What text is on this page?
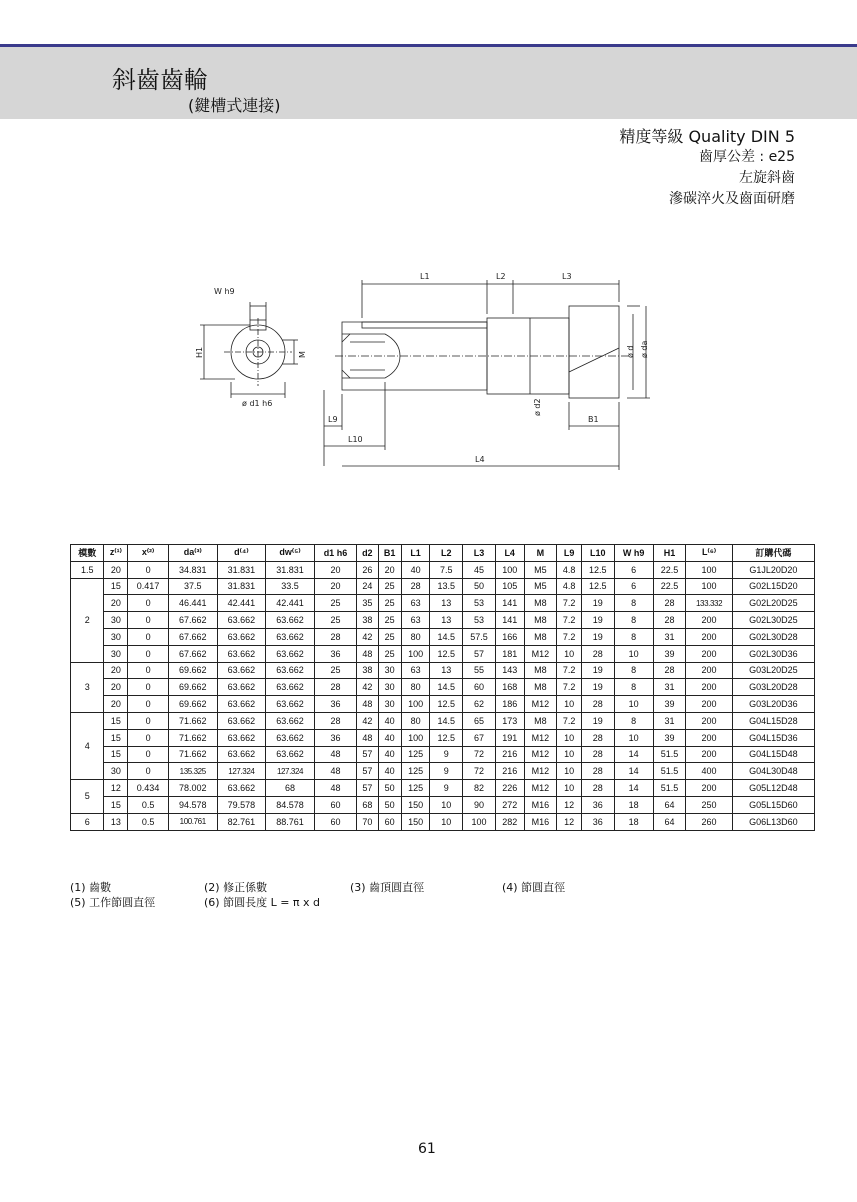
斜齒齒輪
(鍵槽式連接)
精度等級 Quality DIN 5
齒厚公差 : e25
左旋斜齒
滲碳淬火及齒面研磨
W h9
H1	M
ø d1 h6
L1	L2	L3
L9
L10
L4
ø d2
ø d ø da
B1
模數	z⁽¹⁾	x⁽²⁾	da⁽³⁾	d⁽⁴⁾	dw⁽⁵⁾	d1 h6	d2	B1	L1	L2	L3	L4	M	L9	L10	W h9	H1	L⁽⁶⁾	訂購代碼
1.5	20	0	34.831	31.831	31.831	20	26	20	40	7.5	45	100	M5	4.8	12.5	6	22.5	100	G1JL20D20
2	15	0.417	37.5	31.831	33.5	20	24	25	28	13.5	50	105	M5	4.8	12.5	6	22.5	100	G02L15D20
	20	0	46.441	42.441	42.441	25	35	25	63	13	53	141	M8	7.2	19	8	28	133.332	G02L20D25
	30	0	67.662	63.662	63.662	25	38	25	63	13	53	141	M8	7.2	19	8	28	200	G02L30D25
	30	0	67.662	63.662	63.662	28	42	25	80	14.5	57.5	166	M8	7.2	19	8	31	200	G02L30D28
	30	0	67.662	63.662	63.662	36	48	25	100	12.5	57	181	M12	10	28	10	39	200	G02L30D36
3	20	0	69.662	63.662	63.662	25	38	30	63	13	55	143	M8	7.2	19	8	28	200	G03L20D25
	20	0	69.662	63.662	63.662	28	42	30	80	14.5	60	168	M8	7.2	19	8	31	200	G03L20D28
	20	0	69.662	63.662	63.662	36	48	30	100	12.5	62	186	M12	10	28	10	39	200	G03L20D36
4	15	0	71.662	63.662	63.662	28	42	40	80	14.5	65	173	M8	7.2	19	8	31	200	G04L15D28
	15	0	71.662	63.662	63.662	36	48	40	100	12.5	67	191	M12	10	28	10	39	200	G04L15D36
	15	0	71.662	63.662	63.662	48	57	40	125	9	72	216	M12	10	28	14	51.5	200	G04L15D48
	30	0	135.325	127.324	127.324	48	57	40	125	9	72	216	M12	10	28	14	51.5	400	G04L30D48
5	12	0.434	78.002	63.662	68	48	57	50	125	9	82	226	M12	10	28	14	51.5	200	G05L12D48
	15	0.5	94.578	79.578	84.578	60	68	50	150	10	90	272	M16	12	36	18	64	250	G05L15D60
6	13	0.5	100.761	82.761	88.761	60	70	60	150	10	100	282	M16	12	36	18	64	260	G06L13D60
(1) 齒數	(2) 修正係數	(3) 齒頂圓直徑	(4) 節圓直徑
(5) 工作節圓直徑	(6) 節圓長度 L = π x d
61
